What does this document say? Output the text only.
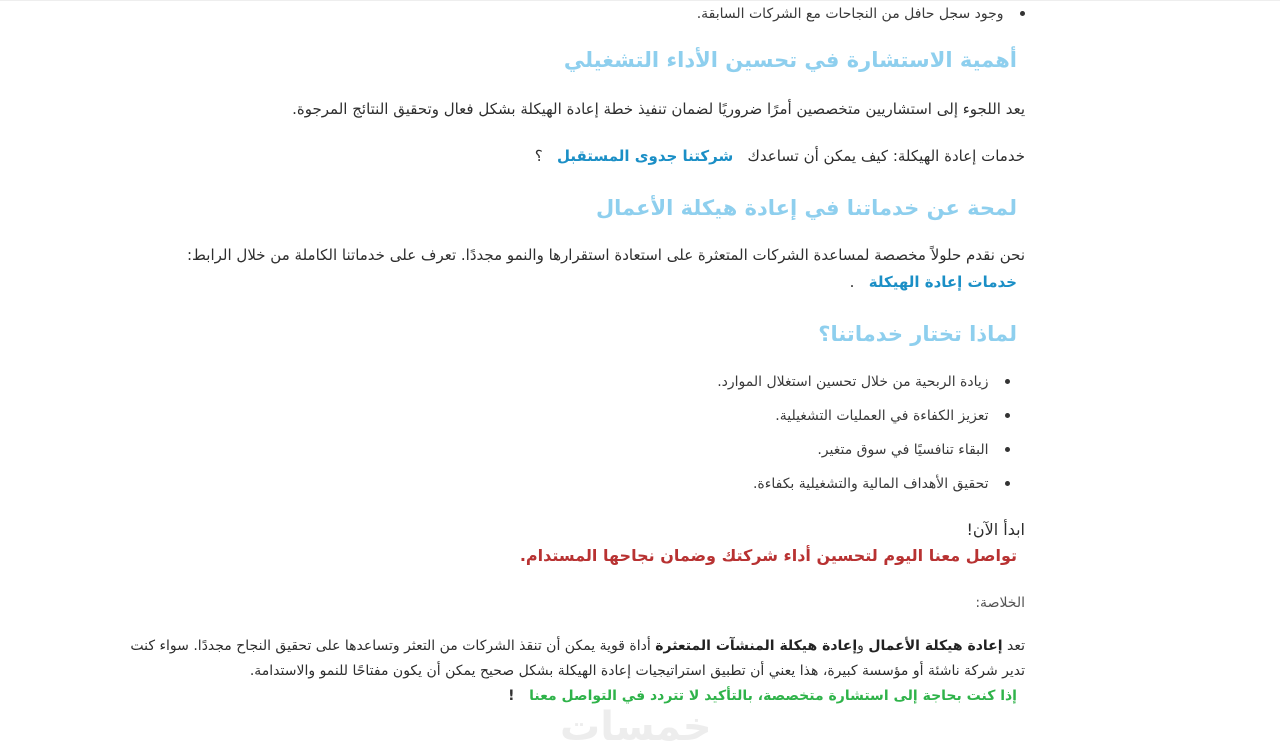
وجود سجل حافل من النجاحات مع الشركات السابقة.
أهمية الاستشارة في تحسين الأداء التشغيلي
يعد اللجوء إلى استشاريين متخصصين أمرًا ضروريًا لضمان تنفيذ خطة إعادة الهيكلة بشكل فعال وتحقيق النتائج المرجوة.
خدمات إعادة الهيكلة: كيف يمكن أن تساعدك   شركتنا جدوى المستقبل   ؟
لمحة عن خدماتنا في إعادة هيكلة الأعمال
نحن نقدم حلولاً مخصصة لمساعدة الشركات المتعثرة على استعادة استقرارها والنمو مجددًا. تعرف على خدماتنا الكاملة من خلال الرابط:
خدمات إعادة الهيكلة   .
لماذا تختار خدماتنا؟
زيادة الربحية من خلال تحسين استغلال الموارد.
تعزيز الكفاءة في العمليات التشغيلية.
البقاء تنافسيًا في سوق متغير.
تحقيق الأهداف المالية والتشغيلية بكفاءة.
ابدأ الآن!
تواصل معنا اليوم لتحسين أداء شركتك وضمان نجاحها المستدام.
الخلاصة:
تعد إعادة هيكلة الأعمال وإعادة هيكلة المنشآت المتعثرة أداة قوية يمكن أن تنقذ الشركات من التعثر وتساعدها على تحقيق النجاح مجددًا. سواء كنت
تدير شركة ناشئة أو مؤسسة كبيرة، هذا يعني أن تطبيق استراتيجيات إعادة الهيكلة بشكل صحيح يمكن أن يكون مفتاحًا للنمو والاستدامة.
إذا كنت بحاجة إلى استشارة متخصصة، بالتأكيد لا تتردد في التواصل معنا   !
خمسات
